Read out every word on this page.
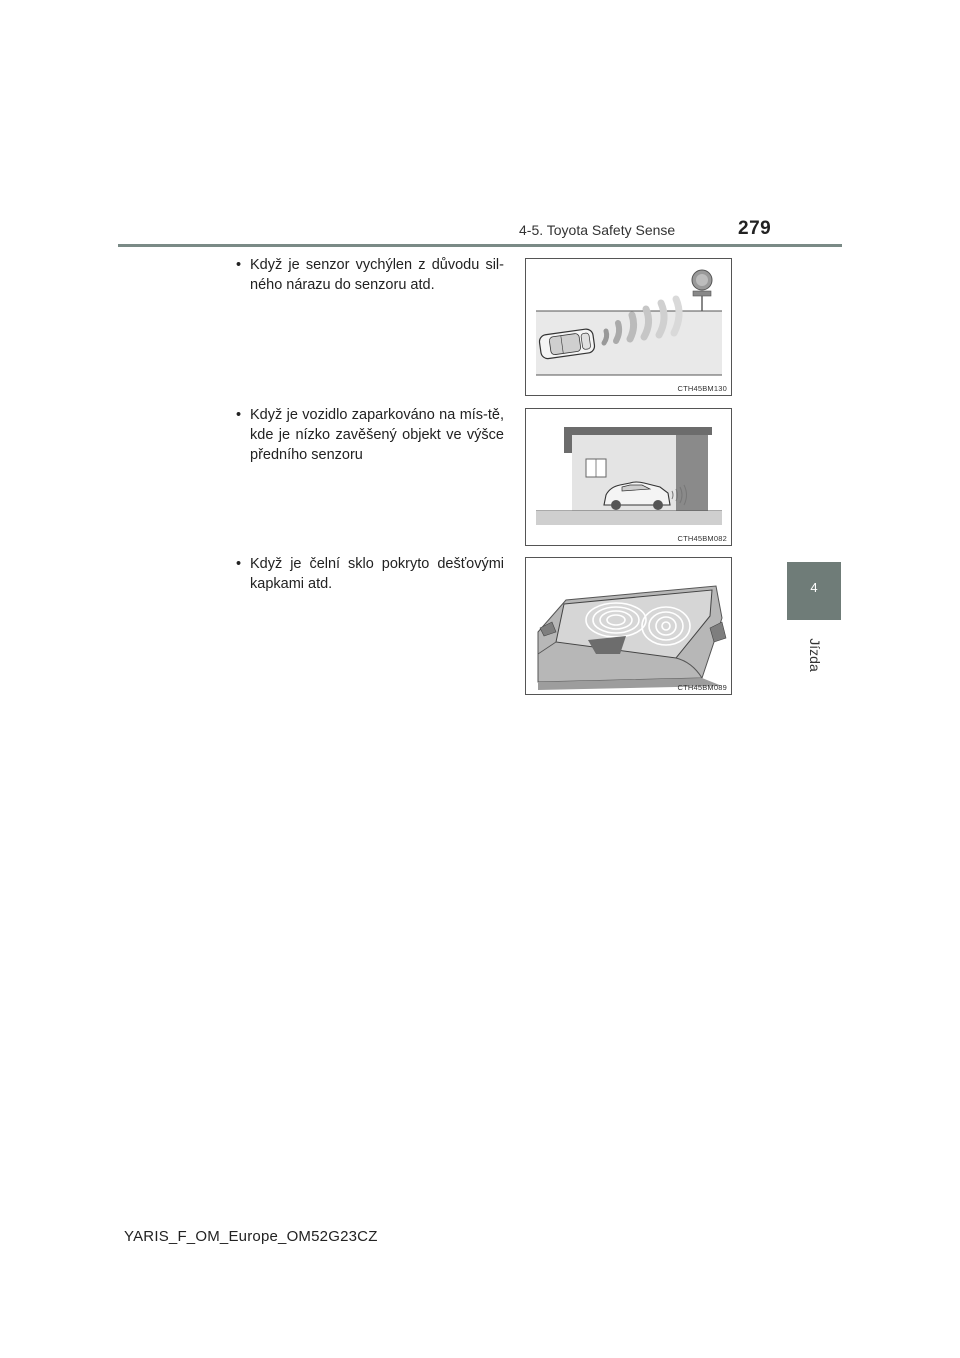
4-5. Toyota Safety Sense	279
4
Jízda
• Když je senzor vychýlen z důvodu sil-ného nárazu do senzoru atd.

CTH45BM130
• Když je vozidlo zaparkováno na mís-tě, kde je nízko zavěšený objekt ve výšce předního senzoru

CTH45BM082
• Když je čelní sklo pokryto dešťovými kapkami atd.

CTH45BM089
YARIS_F_OM_Europe_OM52G23CZ
